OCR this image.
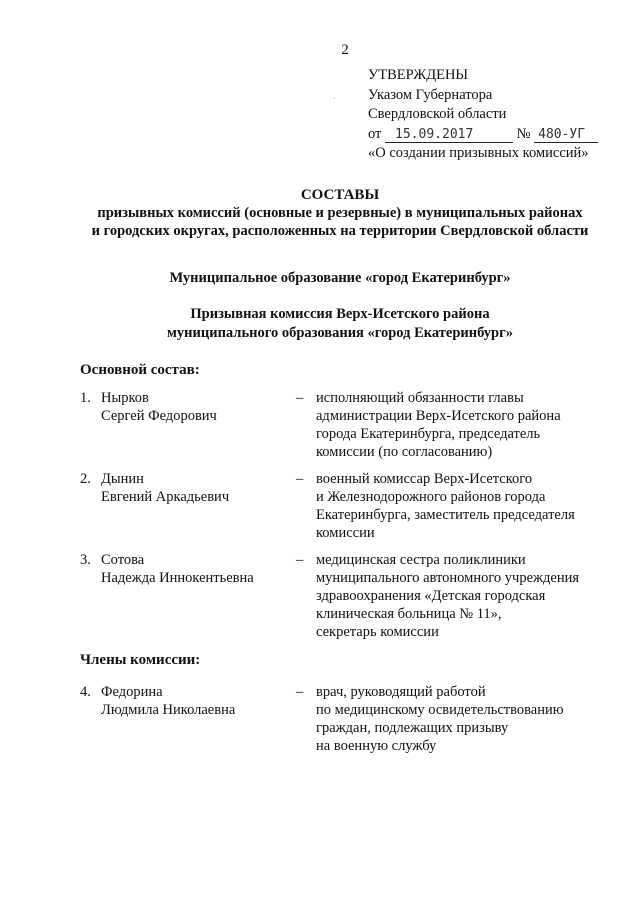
2
.
УТВЕРЖДЕНЫ
Указом Губернатора
Свердловской области
от 15.09.2017	№ 480-УГ
«О создании призывных комиссий»
СОСТАВЫ
призывных комиссий (основные и резервные) в муниципальных районах
и городских округах, расположенных на территории Свердловской области
Муниципальное образование «город Екатеринбург»
Призывная комиссия Верх-Исетского района
муниципального образования «город Екатеринбург»
Основной состав:
1. Нырков
Сергей Федорович
– исполняющий обязанности главы
администрации Верх-Исетского района
города Екатеринбурга, председатель
комиссии (по согласованию)
2. Дынин
Евгений Аркадьевич
– военный комиссар Верх-Исетского
и Железнодорожного районов города
Екатеринбурга, заместитель председателя
комиссии
3. Сотова
Надежда Иннокентьевна
– медицинская сестра поликлиники
муниципального автономного учреждения
здравоохранения «Детская городская
клиническая больница № 11»,
секретарь комиссии
Члены комиссии:
4. Федорина
Людмила Николаевна
– врач, руководящий работой
по медицинскому освидетельствованию
граждан, подлежащих призыву
на военную службу
